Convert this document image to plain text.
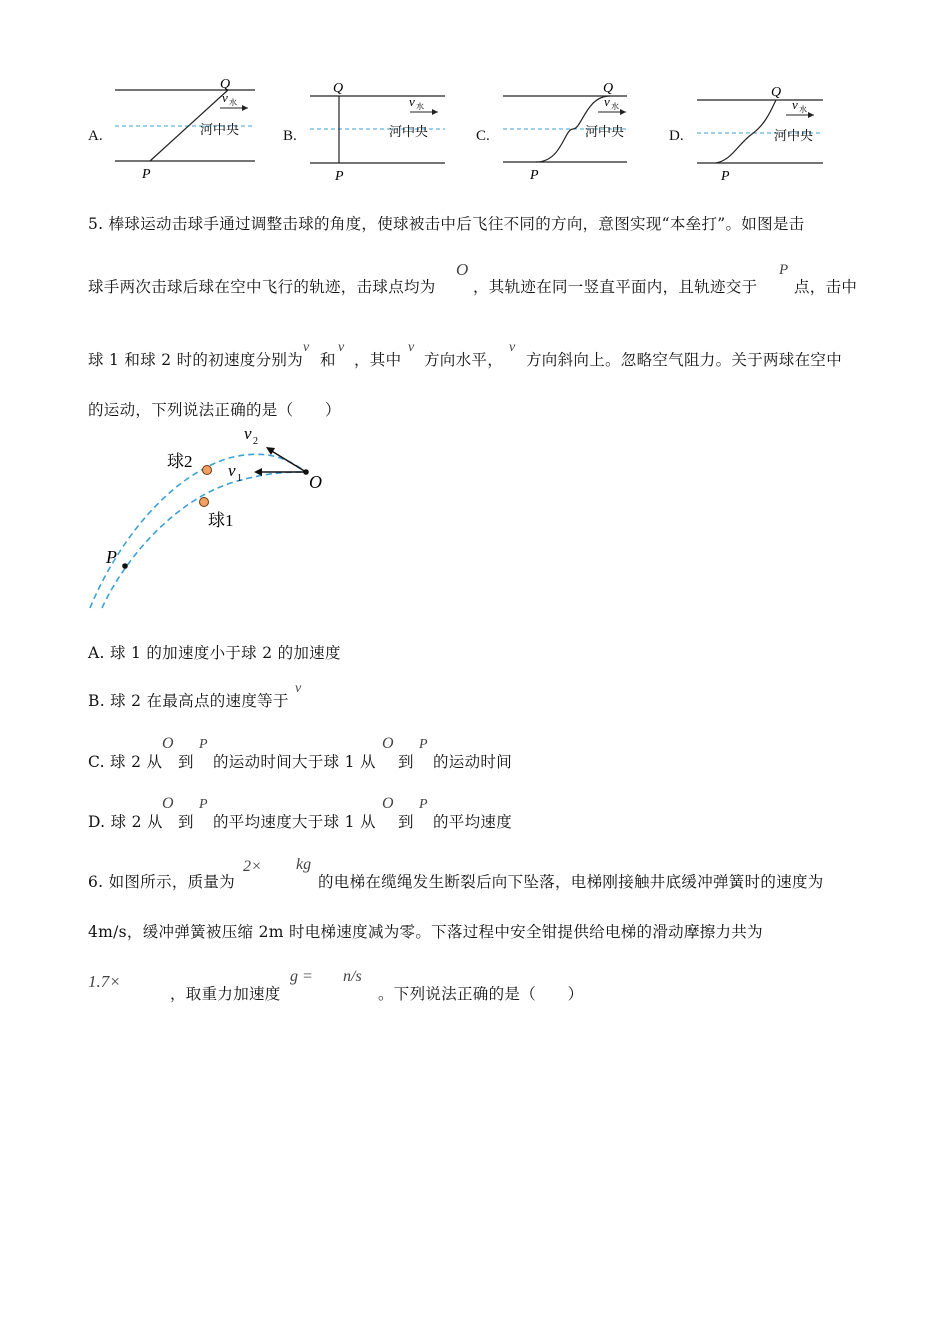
A.
Q
P
v 水
河中央	B.
Q
P
v 水
河中央	C.
Q
P
v 水
河中央	D.
Q
P
v 水
河中央
5. 棒球运动击球手通过调整击球的角度，使球被击中后飞往不同的方向，意图实现“本垒打”。如图是击
球手两次击球后球在空中飞行的轨迹，击球点均为
O
，其轨迹在同一竖直平面内，且轨迹交于
P
点，击中
球 1 和球 2 时的初速度分别为
v
和
v
，其中
v
方向水平，
v
方向斜向上。忽略空气阻力。关于两球在空中
的运动，下列说法正确的是（　　）
v 2
v 1
球2
球1
O
P
A. 球 1 的加速度小于球 2 的加速度
B. 球 2 在最高点的速度等于
v
C. 球 2 从
O
到
P
的运动时间大于球 1 从
O
到
P
的运动时间
D. 球 2 从
O
到
P
的平均速度大于球 1 从
O
到
P
的平均速度
6. 如图所示，质量为
2× kg
的电梯在缆绳发生断裂后向下坠落，电梯刚接触井底缓冲弹簧时的速度为
4m/s，缓冲弹簧被压缩 2m 时电梯速度减为零。下落过程中安全钳提供给电梯的滑动摩擦力共为
1.7×
，取重力加速度
g = n/s
。下列说法正确的是（　　）
